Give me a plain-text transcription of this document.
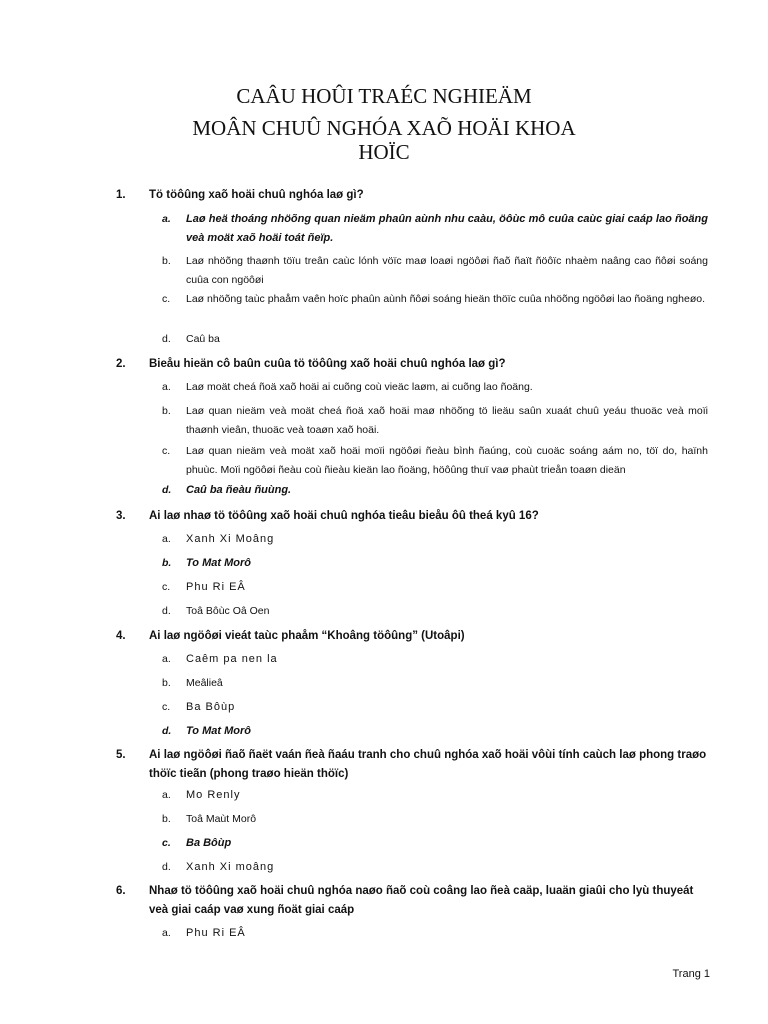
CAÂU HOÛI TRAÉC NGHIEÄM
MOÂN CHUÛ NGHÓA XAÕ HOÄI KHOA
HOÏC
1.	Tö töôûng xaõ hoäi chuû nghóa laø gì?
a.	Laø heä thoáng nhöõng quan nieäm phaûn aùnh nhu caàu, öôùc mô cuûa caùc giai caáp lao ñoäng veà moät xaõ hoäi toát ñeïp.
b.	Laø nhöõng thaønh töïu treân caùc lónh vöïc maø loaøi ngöôøi ñaõ ñaït ñöôïc nhaèm naâng cao ñôøi soáng cuûa con ngöôøi
c.	Laø nhöõng taùc phaåm vaên hoïc phaûn aùnh ñôøi soáng hieän thöïc cuûa nhöõng ngöôøi lao ñoäng ngheøo.
d.	Caû ba
2.	Bieåu hieän cô baûn cuûa tö töôûng xaõ hoäi chuû nghóa laø gì?
a.	Laø moät cheá ñoä xaõ hoäi ai cuõng coù vieäc laøm, ai cuõng lao ñoäng.
b.	Laø quan nieäm veà moät cheá ñoä xaõ hoäi maø nhöõng tö lieäu saûn xuaát chuû yeáu thuoäc veà moïi thaønh vieân, thuoäc veà toaøn xaõ hoäi.
c.	Laø quan nieäm veà moät xaõ hoäi moïi ngöôøi ñeàu bình ñaúng, coù cuoäc soáng aám no, töï do, haïnh phuùc. Moïi ngöôøi ñeàu coù ñieàu kieän lao ñoäng, höôûng thuï vaø phaùt trieån toaøn dieän
d.	Caû ba ñeàu ñuùng.
3.	Ai laø nhaø tö töôûng xaõ hoäi chuû nghóa tieâu bieåu ôû theá kyû 16?
a.	Xanh Xi Moâng
b.	To Mat Morô
c.	Phu Ri EÂ
d.	Toâ Bôùc Oâ Oen
4.	Ai laø ngöôøi vieát taùc phaåm “Khoâng töôûng” (Utoâpi)
a.	Caêm pa nen la
b.	Meâlieâ
c.	Ba Bôùp
d.	To Mat Morô
5.	Ai laø ngöôøi ñaõ ñaët vaán ñeà ñaáu tranh cho chuû nghóa xaõ hoäi vôùi tính caùch laø phong traøo thöïc tieãn (phong traøo hieän thöïc)
a.	Mo Renly
b.	Toâ Maùt Morô
c.	Ba Bôùp
d.	Xanh Xi moâng
6.	Nhaø tö töôûng xaõ hoäi chuû nghóa naøo ñaõ coù coâng lao ñeà caäp, luaän giaûi cho lyù thuyeát veà giai caáp vaø xung ñoät giai caáp
a.	Phu Ri EÂ
Trang 1
